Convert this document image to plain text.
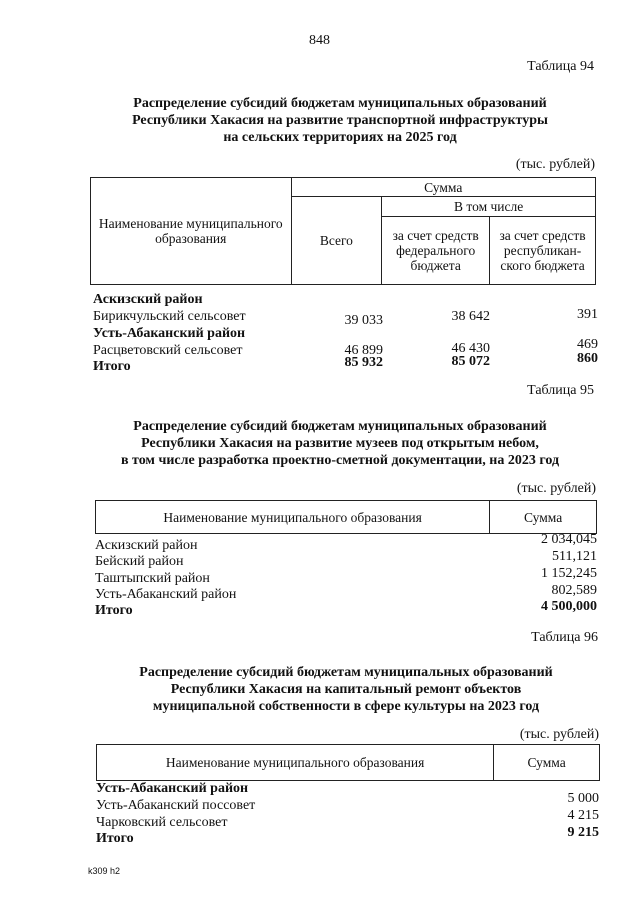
848
Таблица 94
Распределение субсидий бюджетам муниципальных образований
Республики Хакасия на развитие транспортной инфраструктуры
на сельских территориях на 2025 год
(тыс. рублей)
Наименование муниципального образования	Сумма		
	Всего	В том числе	
		за счет средств федерального бюджета	за счет средств республикан-ского бюджета
Аскизский район
Бирикчульский сельсовет	39 033	38 642	391
Усть-Абаканский район
Расцветовский сельсовет	46 899	46 430	469
Итого	85 932	85 072	860
Таблица 95
Распределение субсидий бюджетам муниципальных образований
Республики Хакасия на развитие музеев под открытым небом,
в том числе разработка проектно-сметной документации, на 2023 год
(тыс. рублей)
Наименование муниципального образования	Сумма
Аскизский район	2 034,045
Бейский район	511,121
Таштыпский район	1 152,245
Усть-Абаканский район	802,589
Итого	4 500,000
Таблица 96
Распределение субсидий бюджетам муниципальных образований
Республики Хакасия на капитальный ремонт объектов
муниципальной собственности в сфере культуры на 2023 год
(тыс. рублей)
Наименование муниципального образования	Сумма
Усть-Абаканский район
Усть-Абаканский поссовет	5 000
Чарковский сельсовет	4 215
Итого	9 215
k309 h2
